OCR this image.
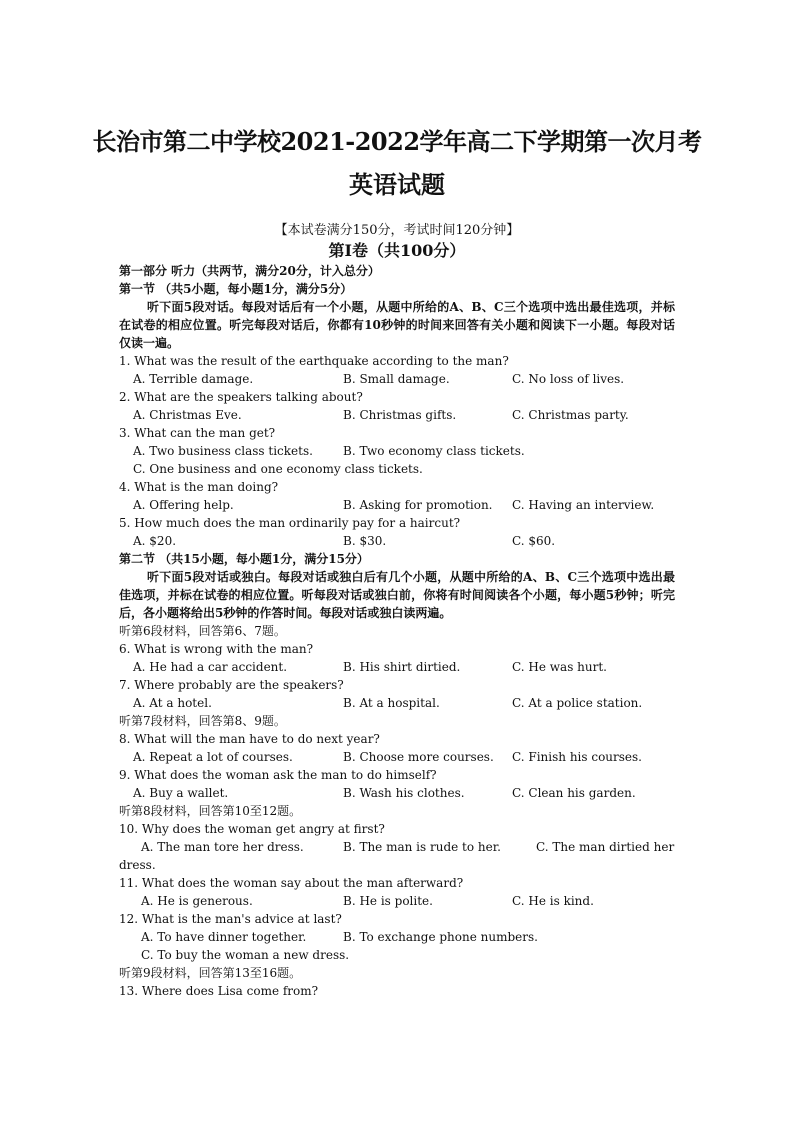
长治市第二中学校2021-2022学年高二下学期第一次月考
英语试题
【本试卷满分150分，考试时间120分钟】
第Ⅰ卷（共100分）
第一部分 听力（共两节，满分20分，计入总分）
第一节 （共5小题，每小题1分，满分5分）
听下面5段对话。每段对话后有一个小题，从题中所给的A、B、C三个选项中选出最佳选项，并标在试卷的相应位置。听完每段对话后，你都有10秒钟的时间来回答有关小题和阅读下一小题。每段对话仅读一遍。
1. What was the result of the earthquake according to the man?
A. Terrible damage.	B. Small damage.	C. No loss of lives.
2. What are the speakers talking about?
A. Christmas Eve.	B. Christmas gifts.	C. Christmas party.
3. What can the man get?
A. Two business class tickets.	B. Two economy class tickets.
C. One business and one economy class tickets.
4. What is the man doing?
A. Offering help.	B. Asking for promotion. C. Having an interview.
5. How much does the man ordinarily pay for a haircut?
A. $20.	B. $30.	C. $60.
第二节 （共15小题，每小题1分，满分15分）
听下面5段对话或独白。每段对话或独白后有几个小题，从题中所给的A、B、C三个选项中选出最佳选项，并标在试卷的相应位置。听每段对话或独白前，你将有时间阅读各个小题，每小题5秒钟；听完后，各小题将给出5秒钟的作答时间。每段对话或独白读两遍。
听第6段材料，回答第6、7题。
6. What is wrong with the man?
A. He had a car accident.	B. His shirt dirtied.	C. He was hurt.
7. Where probably are the speakers?
A. At a hotel.	B. At a hospital.	C. At a police station.
听第7段材料，回答第8、9题。
8. What will the man have to do next year?
A. Repeat a lot of courses.	B. Choose more courses. C. Finish his courses.
9. What does the woman ask the man to do himself?
A. Buy a wallet.	B. Wash his clothes.	C. Clean his garden.
听第8段材料，回答第10至12题。
10. Why does the woman get angry at first?
A. The man tore her dress.	B. The man is rude to her.	C. The man dirtied her
dress.
11. What does the woman say about the man afterward?
A. He is generous.	B. He is polite.	C. He is kind.
12. What is the man's advice at last?
A. To have dinner together.	B. To exchange phone numbers.
C. To buy the woman a new dress.
听第9段材料，回答第13至16题。
13. Where does Lisa come from?
